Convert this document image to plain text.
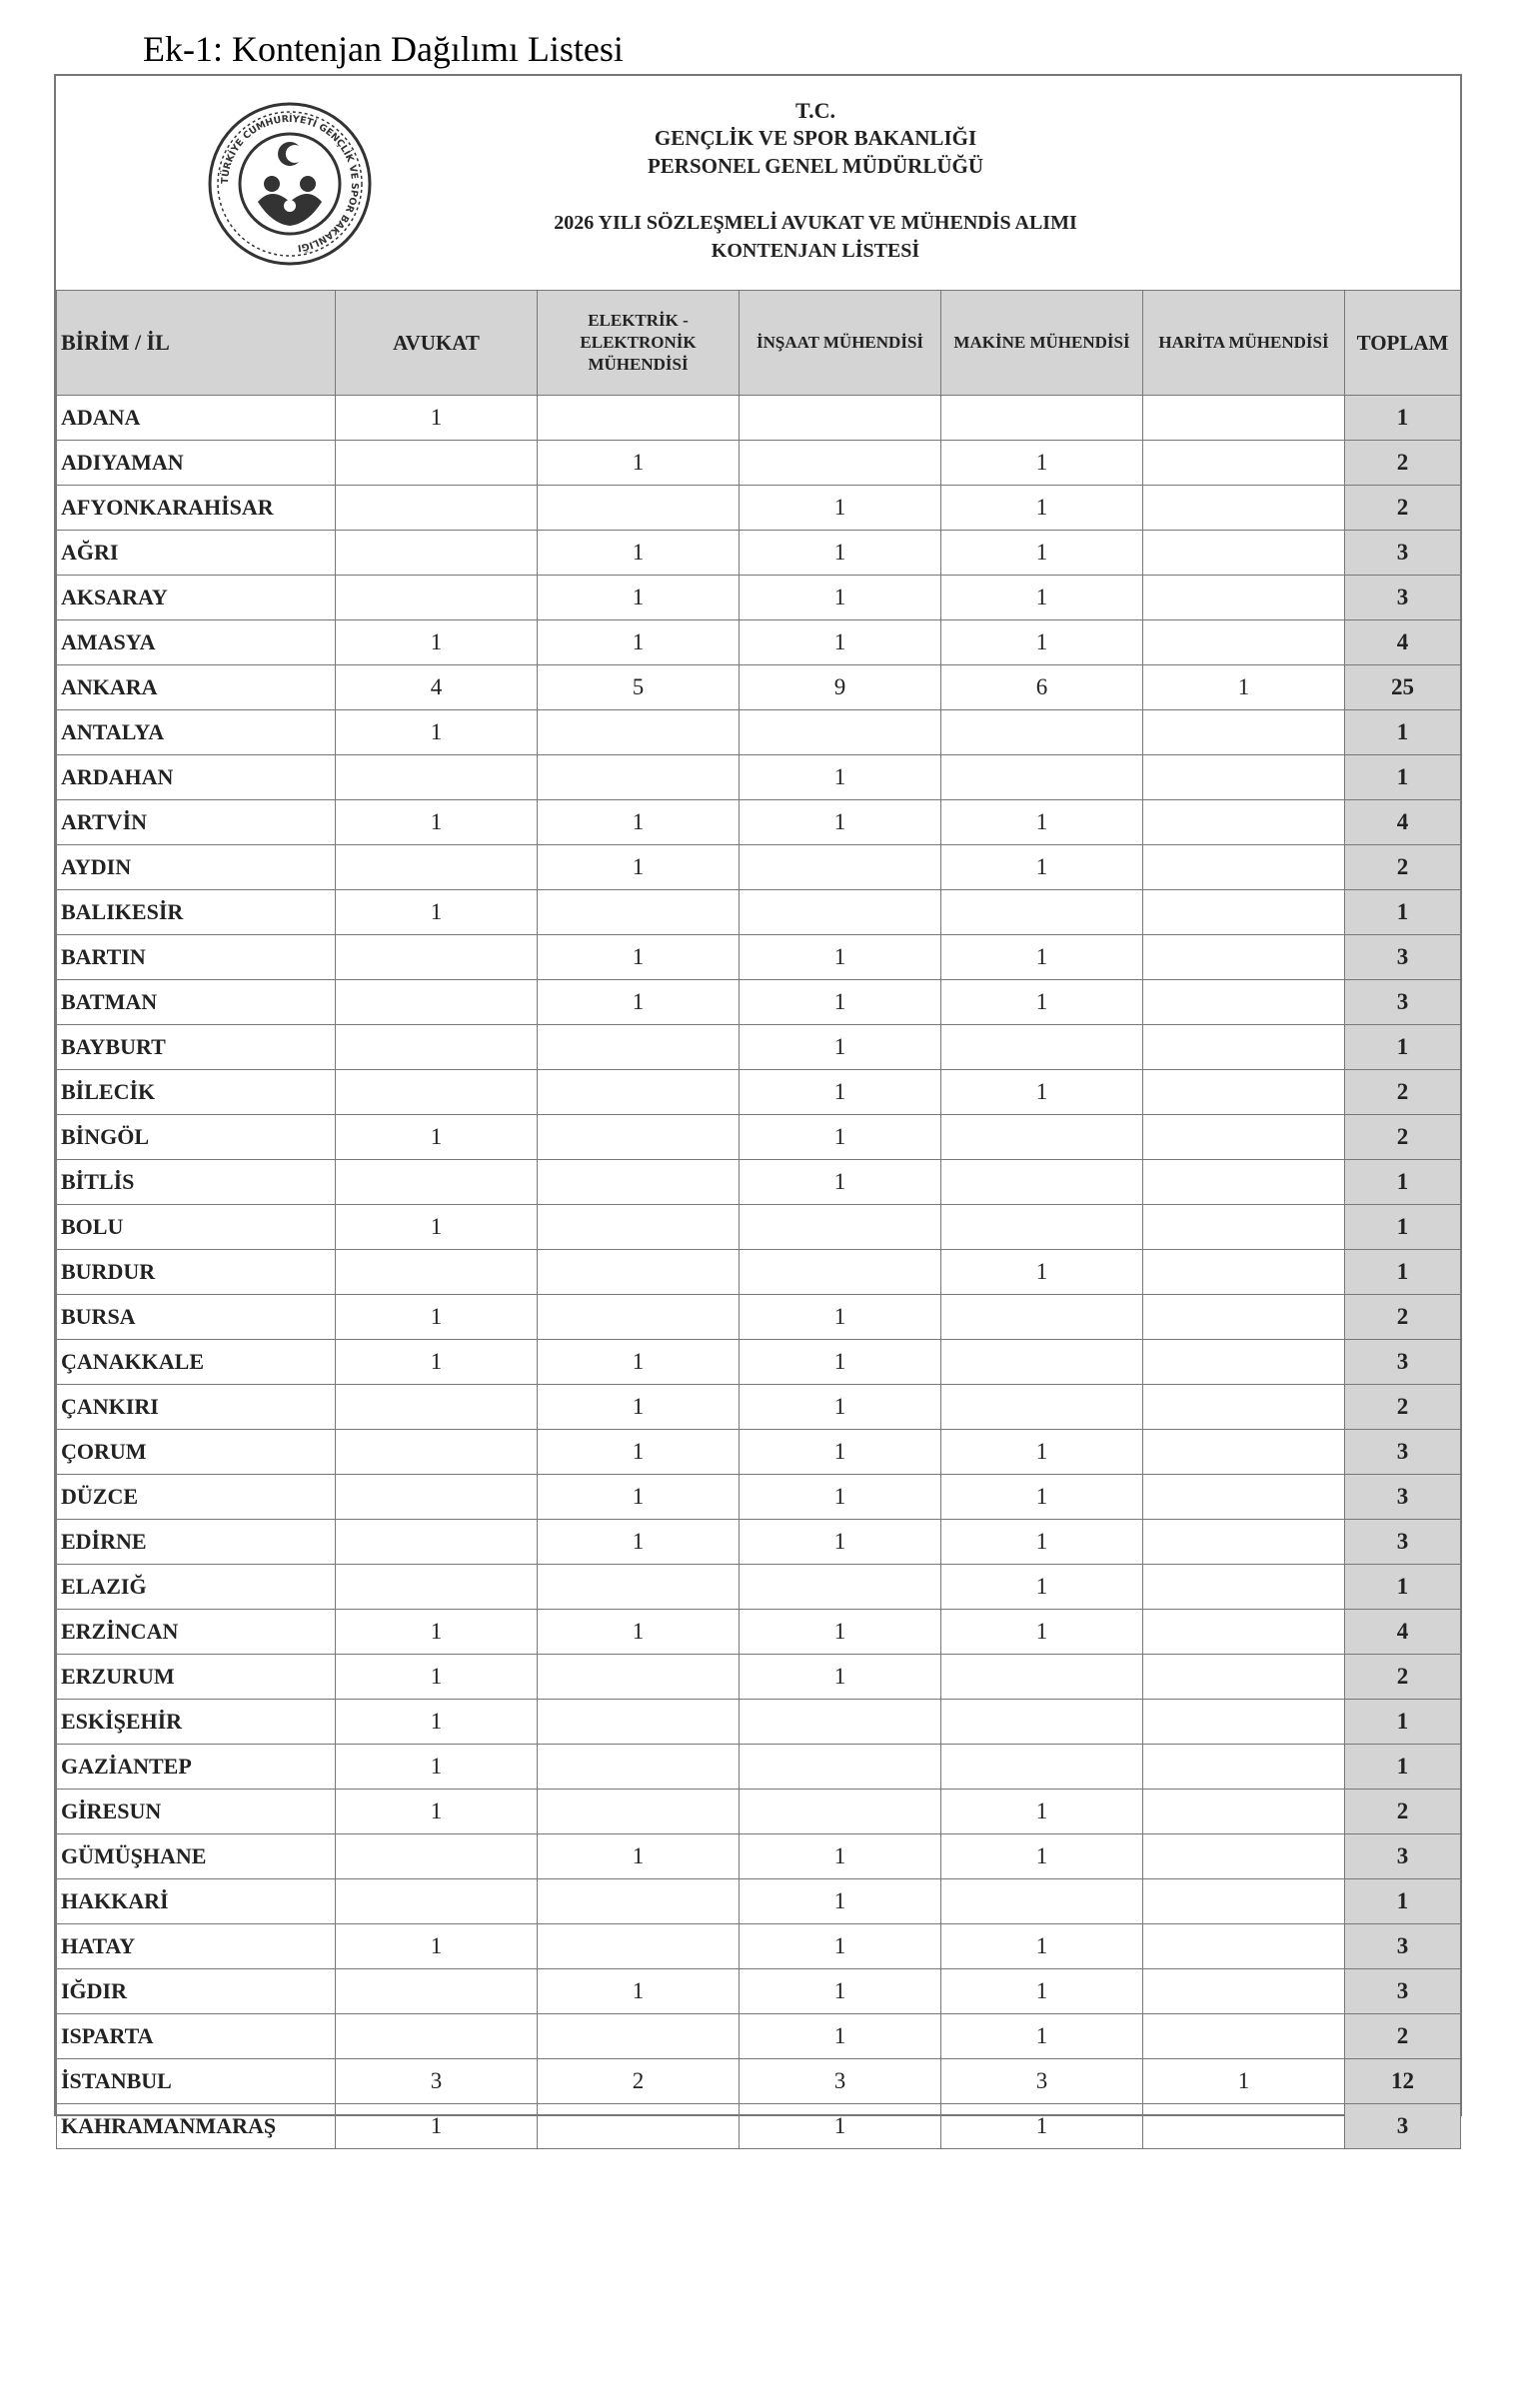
Ek-1: Kontenjan Dağılımı Listesi
TÜRKİYE CUMHURİYETİ GENÇLİK VE SPOR BAKANLIĞI
T.C.
GENÇLİK VE SPOR BAKANLIĞI
PERSONEL GENEL MÜDÜRLÜĞÜ
2026 YILI SÖZLEŞMELİ AVUKAT VE MÜHENDİS ALIMI
KONTENJAN LİSTESİ
BİRİM / İL	AVUKAT	ELEKTRİK - ELEKTRONİK MÜHENDİSİ	İNŞAAT MÜHENDİSİ	MAKİNE MÜHENDİSİ	HARİTA MÜHENDİSİ	TOPLAM
ADANA	1					1
ADIYAMAN		1		1		2
AFYONKARAHİSAR			1	1		2
AĞRI		1	1	1		3
AKSARAY		1	1	1		3
AMASYA	1	1	1	1		4
ANKARA	4	5	9	6	1	25
ANTALYA	1					1
ARDAHAN			1			1
ARTVİN	1	1	1	1		4
AYDIN		1		1		2
BALIKESİR	1					1
BARTIN		1	1	1		3
BATMAN		1	1	1		3
BAYBURT			1			1
BİLECİK			1	1		2
BİNGÖL	1		1			2
BİTLİS			1			1
BOLU	1					1
BURDUR				1		1
BURSA	1		1			2
ÇANAKKALE	1	1	1			3
ÇANKIRI		1	1			2
ÇORUM		1	1	1		3
DÜZCE		1	1	1		3
EDİRNE		1	1	1		3
ELAZIĞ				1		1
ERZİNCAN	1	1	1	1		4
ERZURUM	1		1			2
ESKİŞEHİR	1					1
GAZİANTEP	1					1
GİRESUN	1			1		2
GÜMÜŞHANE		1	1	1		3
HAKKARİ			1			1
HATAY	1		1	1		3
IĞDIR		1	1	1		3
ISPARTA			1	1		2
İSTANBUL	3	2	3	3	1	12
KAHRAMANMARAŞ	1		1	1		3
